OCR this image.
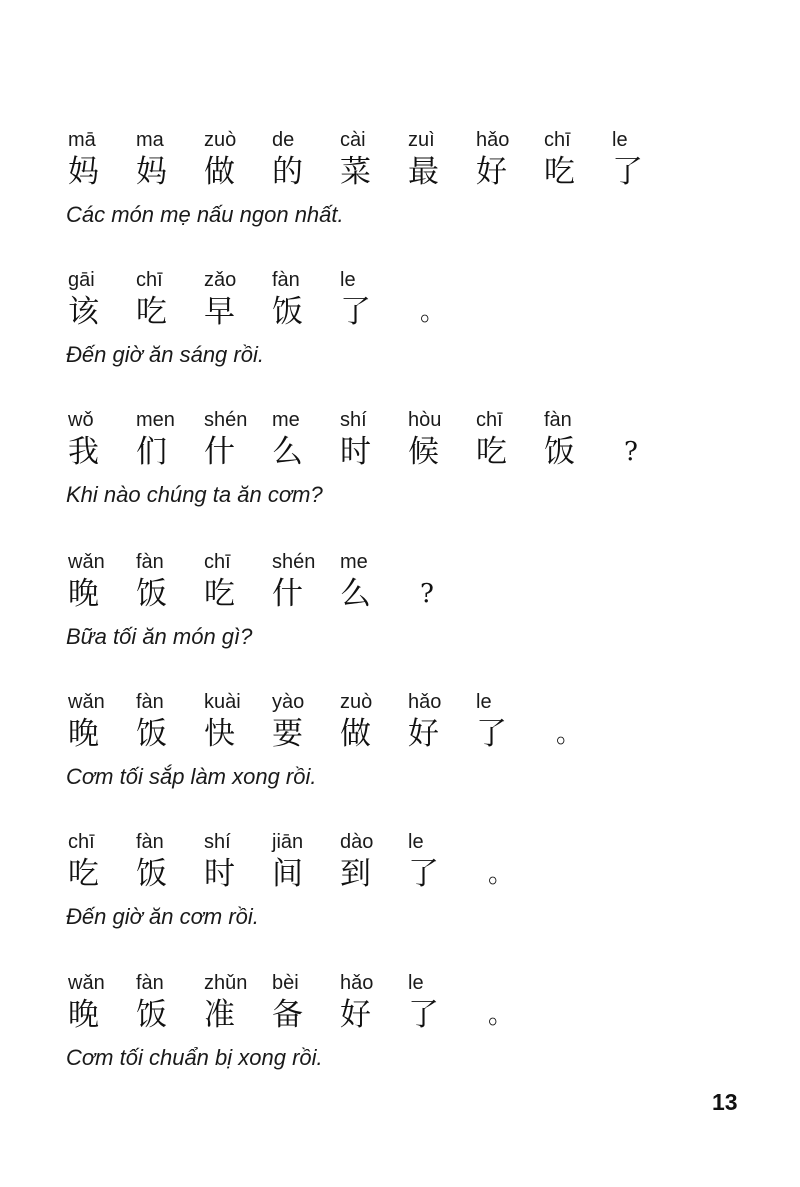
mā ma zuò de cài zuì hǎo chī le
妈 妈 做 的 菜 最 好 吃 了
Các món mẹ nấu ngon nhất.
gāi chī zǎo fàn le
该 吃 早 饭 了 。
Đến giờ ăn sáng rồi.
wǒ men shén me shí hòu chī fàn
我 们 什 么 时 候 吃 饭 ?
Khi nào chúng ta ăn cơm?
wǎn fàn chī shén me
晚 饭 吃 什 么 ?
Bữa tối ăn món gì?
wǎn fàn kuài yào zuò hǎo le
晚 饭 快 要 做 好 了 。
Cơm tối sắp làm xong rồi.
chī fàn shí jiān dào le
吃 饭 时 间 到 了 。
Đến giờ ăn cơm rồi.
wǎn fàn zhǔn bèi hǎo le
晚 饭 准 备 好 了 。
Cơm tối chuẩn bị xong rồi.
13
